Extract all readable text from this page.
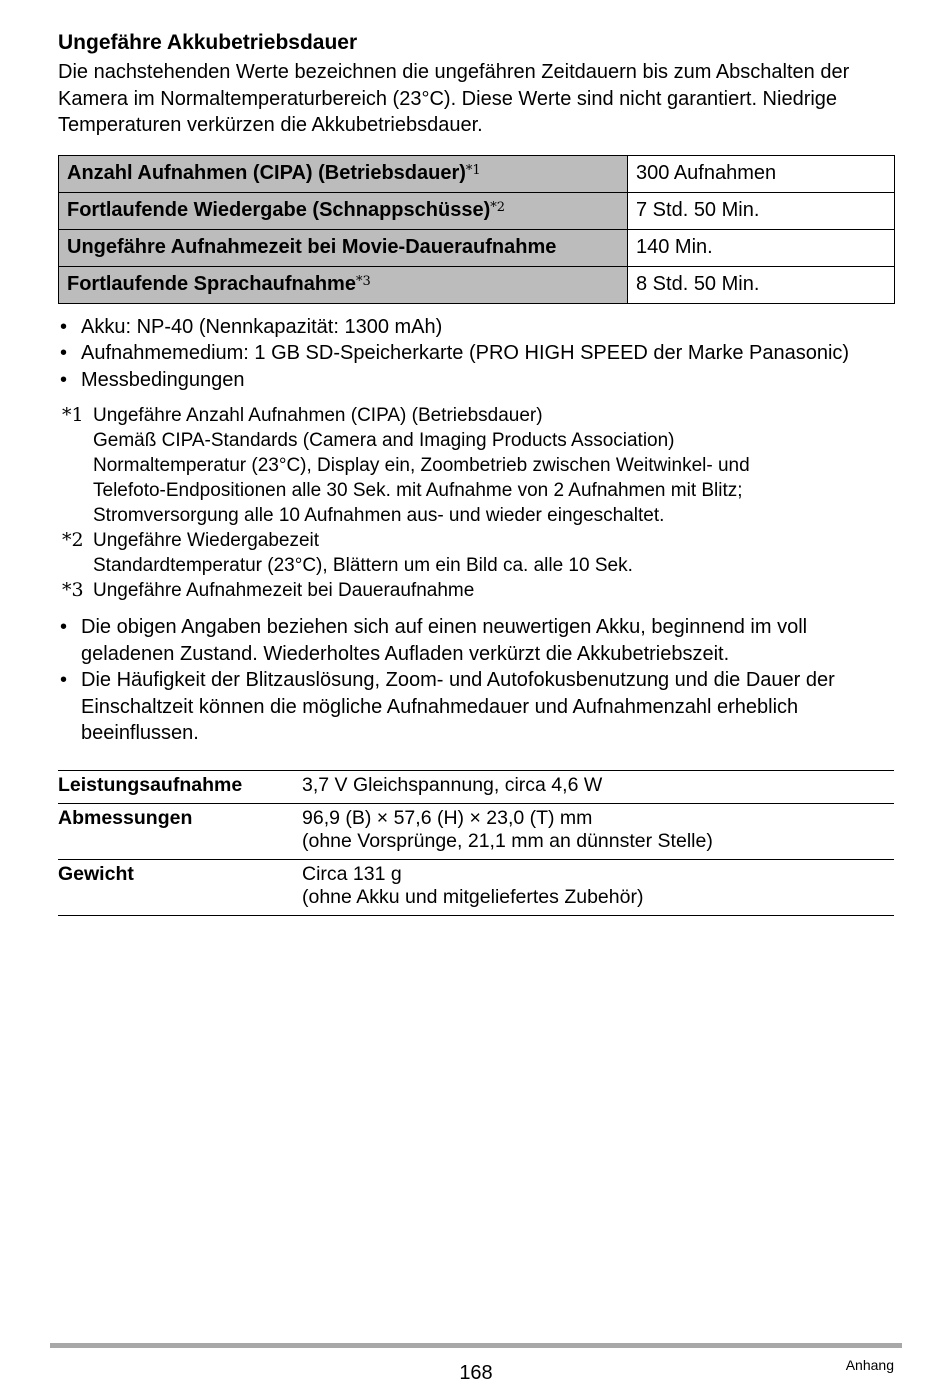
Ungefähre Akkubetriebsdauer

Die nachstehenden Werte bezeichnen die ungefähren Zeitdauern bis zum Abschalten der Kamera im Normaltemperaturbereich (23°C). Diese Werte sind nicht garantiert. Niedrige Temperaturen verkürzen die Akkubetriebsdauer.

Anzahl Aufnahmen (CIPA) (Betriebsdauer)$^{*1}$	300 Aufnahmen
Fortlaufende Wiedergabe (Schnappschüsse)$^{*2}$	7 Std. 50 Min.
Ungefähre Aufnahmezeit bei Movie-Daueraufnahme	140 Min.
Fortlaufende Sprachaufnahme$^{*3}$	8 Std. 50 Min.
• Akku: NP-40 (Nennkapazität: 1300 mAh)
• Aufnahmemedium: 1 GB SD-Speicherkarte (PRO HIGH SPEED der Marke Panasonic)
• Messbedingungen
*1 Ungefähre Anzahl Aufnahmen (CIPA) (Betriebsdauer)
Gemäß CIPA-Standards (Camera and Imaging Products Association)
Normaltemperatur (23°C), Display ein, Zoombetrieb zwischen Weitwinkel- und
Telefoto-Endpositionen alle 30 Sek. mit Aufnahme von 2 Aufnahmen mit Blitz;
Stromversorgung alle 10 Aufnahmen aus- und wieder eingeschaltet.
*2 Ungefähre Wiedergabezeit
Standardtemperatur (23°C), Blättern um ein Bild ca. alle 10 Sek.
*3 Ungefähre Aufnahmezeit bei Daueraufnahme
• Die obigen Angaben beziehen sich auf einen neuwertigen Akku, beginnend im voll geladenen Zustand. Wiederholtes Aufladen verkürzt die Akkubetriebszeit.
• Die Häufigkeit der Blitzauslösung, Zoom- und Autofokusbenutzung und die Dauer der Einschaltzeit können die mögliche Aufnahmedauer und Aufnahmenzahl erheblich beeinflussen.
Leistungsaufnahme	3,7 V Gleichspannung, circa 4,6 W

Abmessungen	96,9 (B) × 57,6 (H) × 23,0 (T) mm
(ohne Vorsprünge, 21,1 mm an dünnster Stelle)

Gewicht	Circa 131 g
(ohne Akku und mitgeliefertes Zubehör)
168	Anhang
